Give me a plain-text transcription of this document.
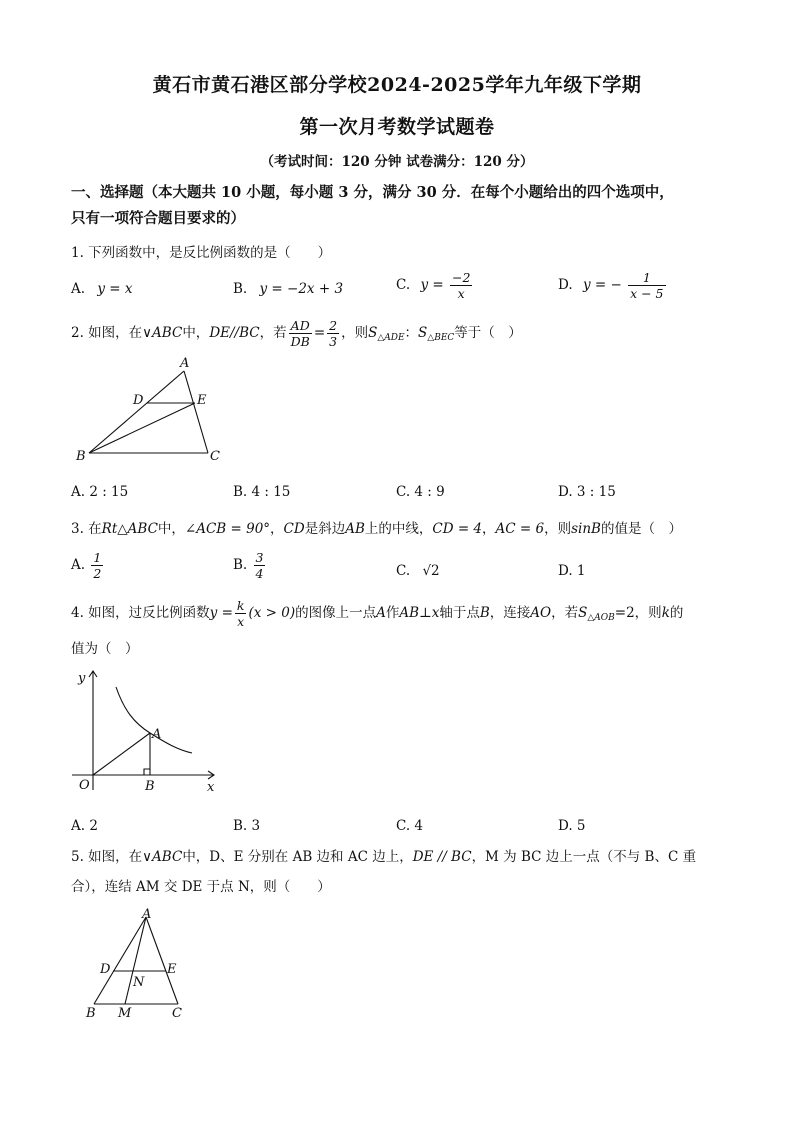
黄石市黄石港区部分学校2024-2025学年九年级下学期
第一次月考数学试题卷
（考试时间：120 分钟 试卷满分：120 分）
一、选择题（本大题共 10 小题，每小题 3 分，满分 30 分．在每个小题给出的四个选项中，
只有一项符合题目要求的）
1. 下列函数中，是反比例函数的是（　　）
A. y = x	B. y = −2x + 3	C. $y = \frac{-2}{x}$	D. y = − $\frac{1}{x - 5}$
2. 如图，在∨ABC中，DE//BC，若 $\frac{AD}{DB} = \frac{2}{3}$ ，则$S_{\triangle ADE}$：$S_{\triangle BEC}$等于（　）
A
D	E
B	C
A. 2 : 15	B. 4 : 15	C. 4 : 9	D. 3 : 15
3. 在Rt△ABC中，∠ACB = 90°，CD是斜边AB上的中线，CD = 4，AC = 6，则sinB的值是（　）
A. $\frac{1}{2}$	B. $\frac{3}{4}$	C. √2	D. 1
4. 如图，过反比例函数$y = \frac{k}{x} (x > 0)$的图像上一点A作AB⊥x轴于点B，连接AO，若$S_{\triangle AOB}=2$，则k的
值为（　）
y
x
O
A
B
A. 2	B. 3	C. 4	D. 5
5. 如图，在∨ABC中，D、E 分别在 AB 边和 AC 边上，DE // BC，M 为 BC 边上一点（不与 B、C 重
合），连结 AM 交 DE 于点 N，则（　　）
A
D	E
N
B M	C
